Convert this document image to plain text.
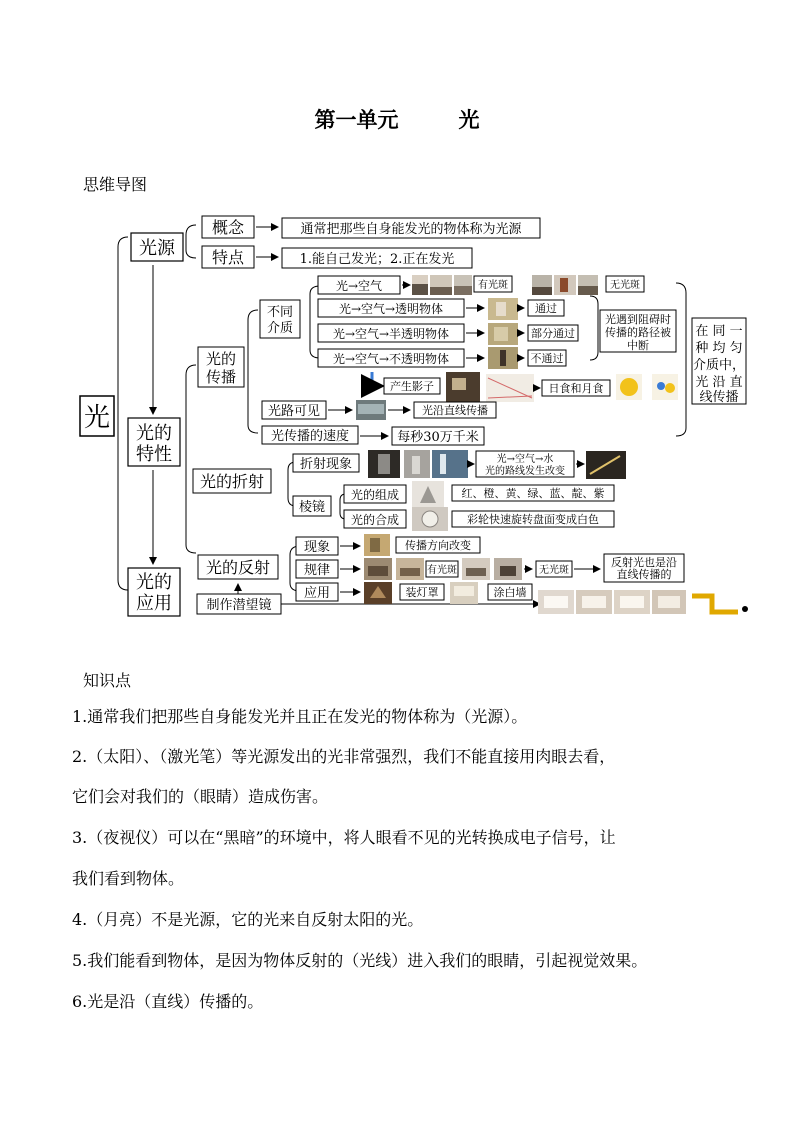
第一单元	光
思维导图
光
光源
概念	通常把那些自身能发光的物体称为光源
特点	1.能自己发光；2.正在发光
光的
特性
光的
应用
光的
传播
不同
介质
光→空气	有光斑	无光斑
光→空气→透明物体	通过
光→空气→半透明物体	部分通过
光→空气→不透明物体	不通过
光遇到阻碍时
传播的路径被
中断
产生影子	日食和月食
在 同 一
种 均 匀
介质中，
光 沿 直
线传播
光路可见	光沿直线传播
光传播的速度	每秒30万千米
光的折射
折射现象	光→空气→水
光的路线发生改变
棱镜
光的组成	红、橙、黄、绿、蓝、靛、紫
光的合成	彩轮快速旋转盘面变成白色
光的反射
现象	传播方向改变
规律	有光斑	无光斑
反射光也是沿
直线传播的
应用	装灯罩	涂白墙
制作潜望镜
知识点
1.通常我们把那些自身能发光并且正在发光的物体称为（光源）。
2.（太阳）、（激光笔）等光源发出的光非常强烈，我们不能直接用肉眼去看，
它们会对我们的（眼睛）造成伤害。
3.（夜视仪）可以在“黑暗”的环境中，将人眼看不见的光转换成电子信号，让
我们看到物体。
4.（月亮）不是光源，它的光来自反射太阳的光。
5.我们能看到物体，是因为物体反射的（光线）进入我们的眼睛，引起视觉效果。
6.光是沿（直线）传播的。
